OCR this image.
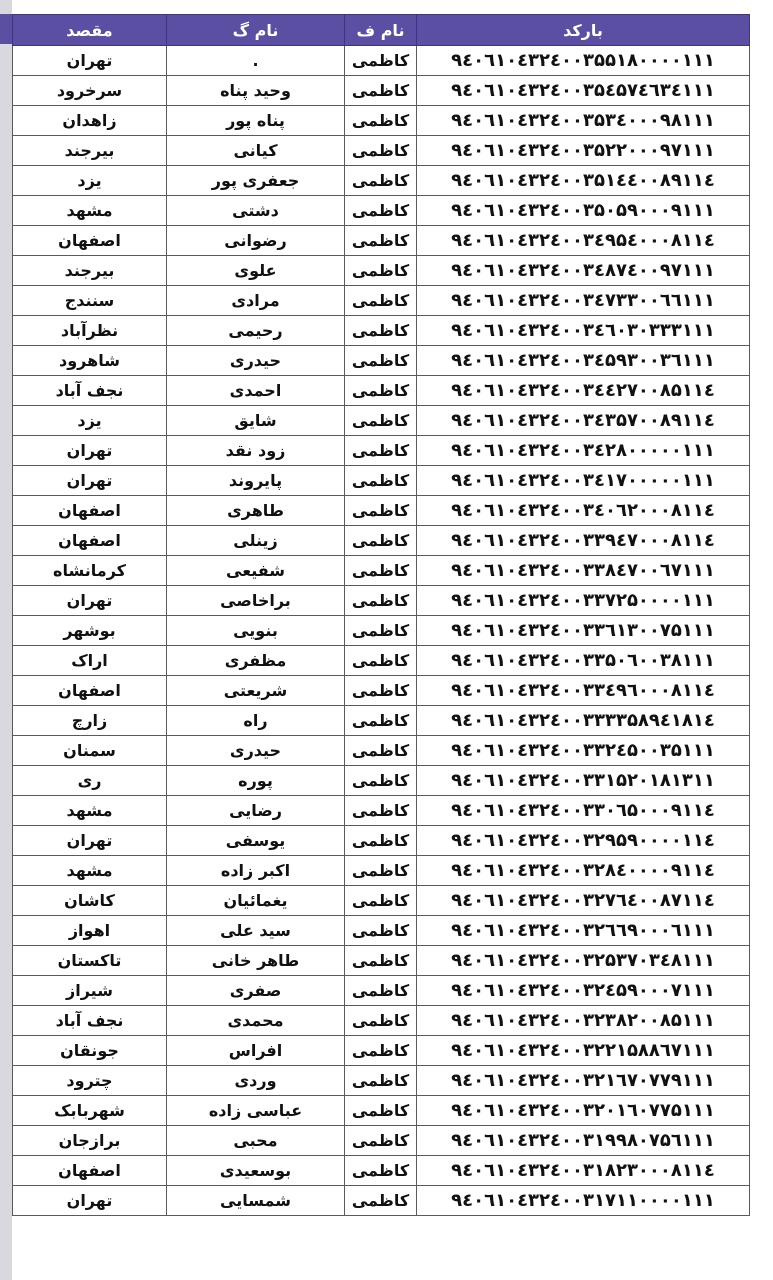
مقصد	نام گ	نام ف	بارکد
تهران	.	کاظمی	۹٤۰٦۱۰٤۳۲٤۰۰۳۵۵۱۸۰۰۰۰۱۱۱
سرخرود	وحید پناه	کاظمی	۹٤۰٦۱۰٤۳۲٤۰۰۳۵٤۵۷٤٦۳٤۱۱۱
زاهدان	پناه پور	کاظمی	۹٤۰٦۱۰٤۳۲٤۰۰۳۵۳٤۰۰۰۹۸۱۱۱
بیرجند	کیانی	کاظمی	۹٤۰٦۱۰٤۳۲٤۰۰۳۵۲۲۰۰۰۹۷۱۱۱
یزد	جعفری پور	کاظمی	۹٤۰٦۱۰٤۳۲٤۰۰۳۵۱٤٤۰۰۸۹۱۱٤
مشهد	دشتی	کاظمی	۹٤۰٦۱۰٤۳۲٤۰۰۳۵۰۵۹۰۰۰۹۱۱۱
اصفهان	رضوانی	کاظمی	۹٤۰٦۱۰٤۳۲٤۰۰۳٤۹۵٤۰۰۰۸۱۱٤
بیرجند	علوی	کاظمی	۹٤۰٦۱۰٤۳۲٤۰۰۳٤۸۷٤۰۰۹۷۱۱۱
سنندج	مرادی	کاظمی	۹٤۰٦۱۰٤۳۲٤۰۰۳٤۷۳۳۰۰٦٦۱۱۱
نظرآباد	رحیمی	کاظمی	۹٤۰٦۱۰٤۳۲٤۰۰۳٤٦۰۳۰۳۳۳۱۱۱
شاهرود	حیدری	کاظمی	۹٤۰٦۱۰٤۳۲٤۰۰۳٤۵۹۳۰۰۳٦۱۱۱
نجف آباد	احمدی	کاظمی	۹٤۰٦۱۰٤۳۲٤۰۰۳٤٤۲۷۰۰۸۵۱۱٤
یزد	شایق	کاظمی	۹٤۰٦۱۰٤۳۲٤۰۰۳٤۳۵۷۰۰۸۹۱۱٤
تهران	زود نقد	کاظمی	۹٤۰٦۱۰٤۳۲٤۰۰۳٤۲۸۰۰۰۰۰۱۱۱
تهران	پایروند	کاظمی	۹٤۰٦۱۰٤۳۲٤۰۰۳٤۱۷۰۰۰۰۰۱۱۱
اصفهان	طاهری	کاظمی	۹٤۰٦۱۰٤۳۲٤۰۰۳٤۰٦۲۰۰۰۸۱۱٤
اصفهان	زینلی	کاظمی	۹٤۰٦۱۰٤۳۲٤۰۰۳۳۹٤۷۰۰۰۸۱۱٤
کرمانشاه	شفیعی	کاظمی	۹٤۰٦۱۰٤۳۲٤۰۰۳۳۸٤۷۰۰٦۷۱۱۱
تهران	براخاصی	کاظمی	۹٤۰٦۱۰٤۳۲٤۰۰۳۳۷۲۵۰۰۰۰۱۱۱
بوشهر	بنویی	کاظمی	۹٤۰٦۱۰٤۳۲٤۰۰۳۳٦۱۳۰۰۷۵۱۱۱
اراک	مظفری	کاظمی	۹٤۰٦۱۰٤۳۲٤۰۰۳۳۵۰٦۰۰۳۸۱۱۱
اصفهان	شریعتی	کاظمی	۹٤۰٦۱۰٤۳۲٤۰۰۳۳٤۹٦۰۰۰۸۱۱٤
زارچ	راه	کاظمی	۹٤۰٦۱۰٤۳۲٤۰۰۳۳۳۳۵۸۹٤۱۸۱٤
سمنان	حیدری	کاظمی	۹٤۰٦۱۰٤۳۲٤۰۰۳۳۲٤۵۰۰۳۵۱۱۱
ری	پوره	کاظمی	۹٤۰٦۱۰٤۳۲٤۰۰۳۳۱۵۲۰۱۸۱۳۱۱
مشهد	رضایی	کاظمی	۹٤۰٦۱۰٤۳۲٤۰۰۳۳۰٦۵۰۰۰۹۱۱٤
تهران	یوسفی	کاظمی	۹٤۰٦۱۰٤۳۲٤۰۰۳۲۹۵۹۰۰۰۰۱۱٤
مشهد	اکبر زاده	کاظمی	۹٤۰٦۱۰٤۳۲٤۰۰۳۲۸٤۰۰۰۰۹۱۱٤
کاشان	یغمائیان	کاظمی	۹٤۰٦۱۰٤۳۲٤۰۰۳۲۷٦٤۰۰۸۷۱۱٤
اهواز	سید علی	کاظمی	۹٤۰٦۱۰٤۳۲٤۰۰۳۲٦٦۹۰۰۰٦۱۱۱
تاکستان	طاهر خانی	کاظمی	۹٤۰٦۱۰٤۳۲٤۰۰۳۲۵۳۷۰۳٤۸۱۱۱
شیراز	صفری	کاظمی	۹٤۰٦۱۰٤۳۲٤۰۰۳۲٤۵۹۰۰۰۷۱۱۱
نجف آباد	محمدی	کاظمی	۹٤۰٦۱۰٤۳۲٤۰۰۳۲۳۸۲۰۰۸۵۱۱۱
جونقان	افراس	کاظمی	۹٤۰٦۱۰٤۳۲٤۰۰۳۲۲۱۵۸۸٦۷۱۱۱
چترود	وردی	کاظمی	۹٤۰٦۱۰٤۳۲٤۰۰۳۲۱٦۷۰۷۷۹۱۱۱
شهربابک	عباسی زاده	کاظمی	۹٤۰٦۱۰٤۳۲٤۰۰۳۲۰۱٦۰۷۷۵۱۱۱
برازجان	محبی	کاظمی	۹٤۰٦۱۰٤۳۲٤۰۰۳۱۹۹۸۰۷۵٦۱۱۱
اصفهان	بوسعیدی	کاظمی	۹٤۰٦۱۰٤۳۲٤۰۰۳۱۸۲۳۰۰۰۸۱۱٤
تهران	شمسایی	کاظمی	۹٤۰٦۱۰٤۳۲٤۰۰۳۱۷۱۱۰۰۰۰۱۱۱
